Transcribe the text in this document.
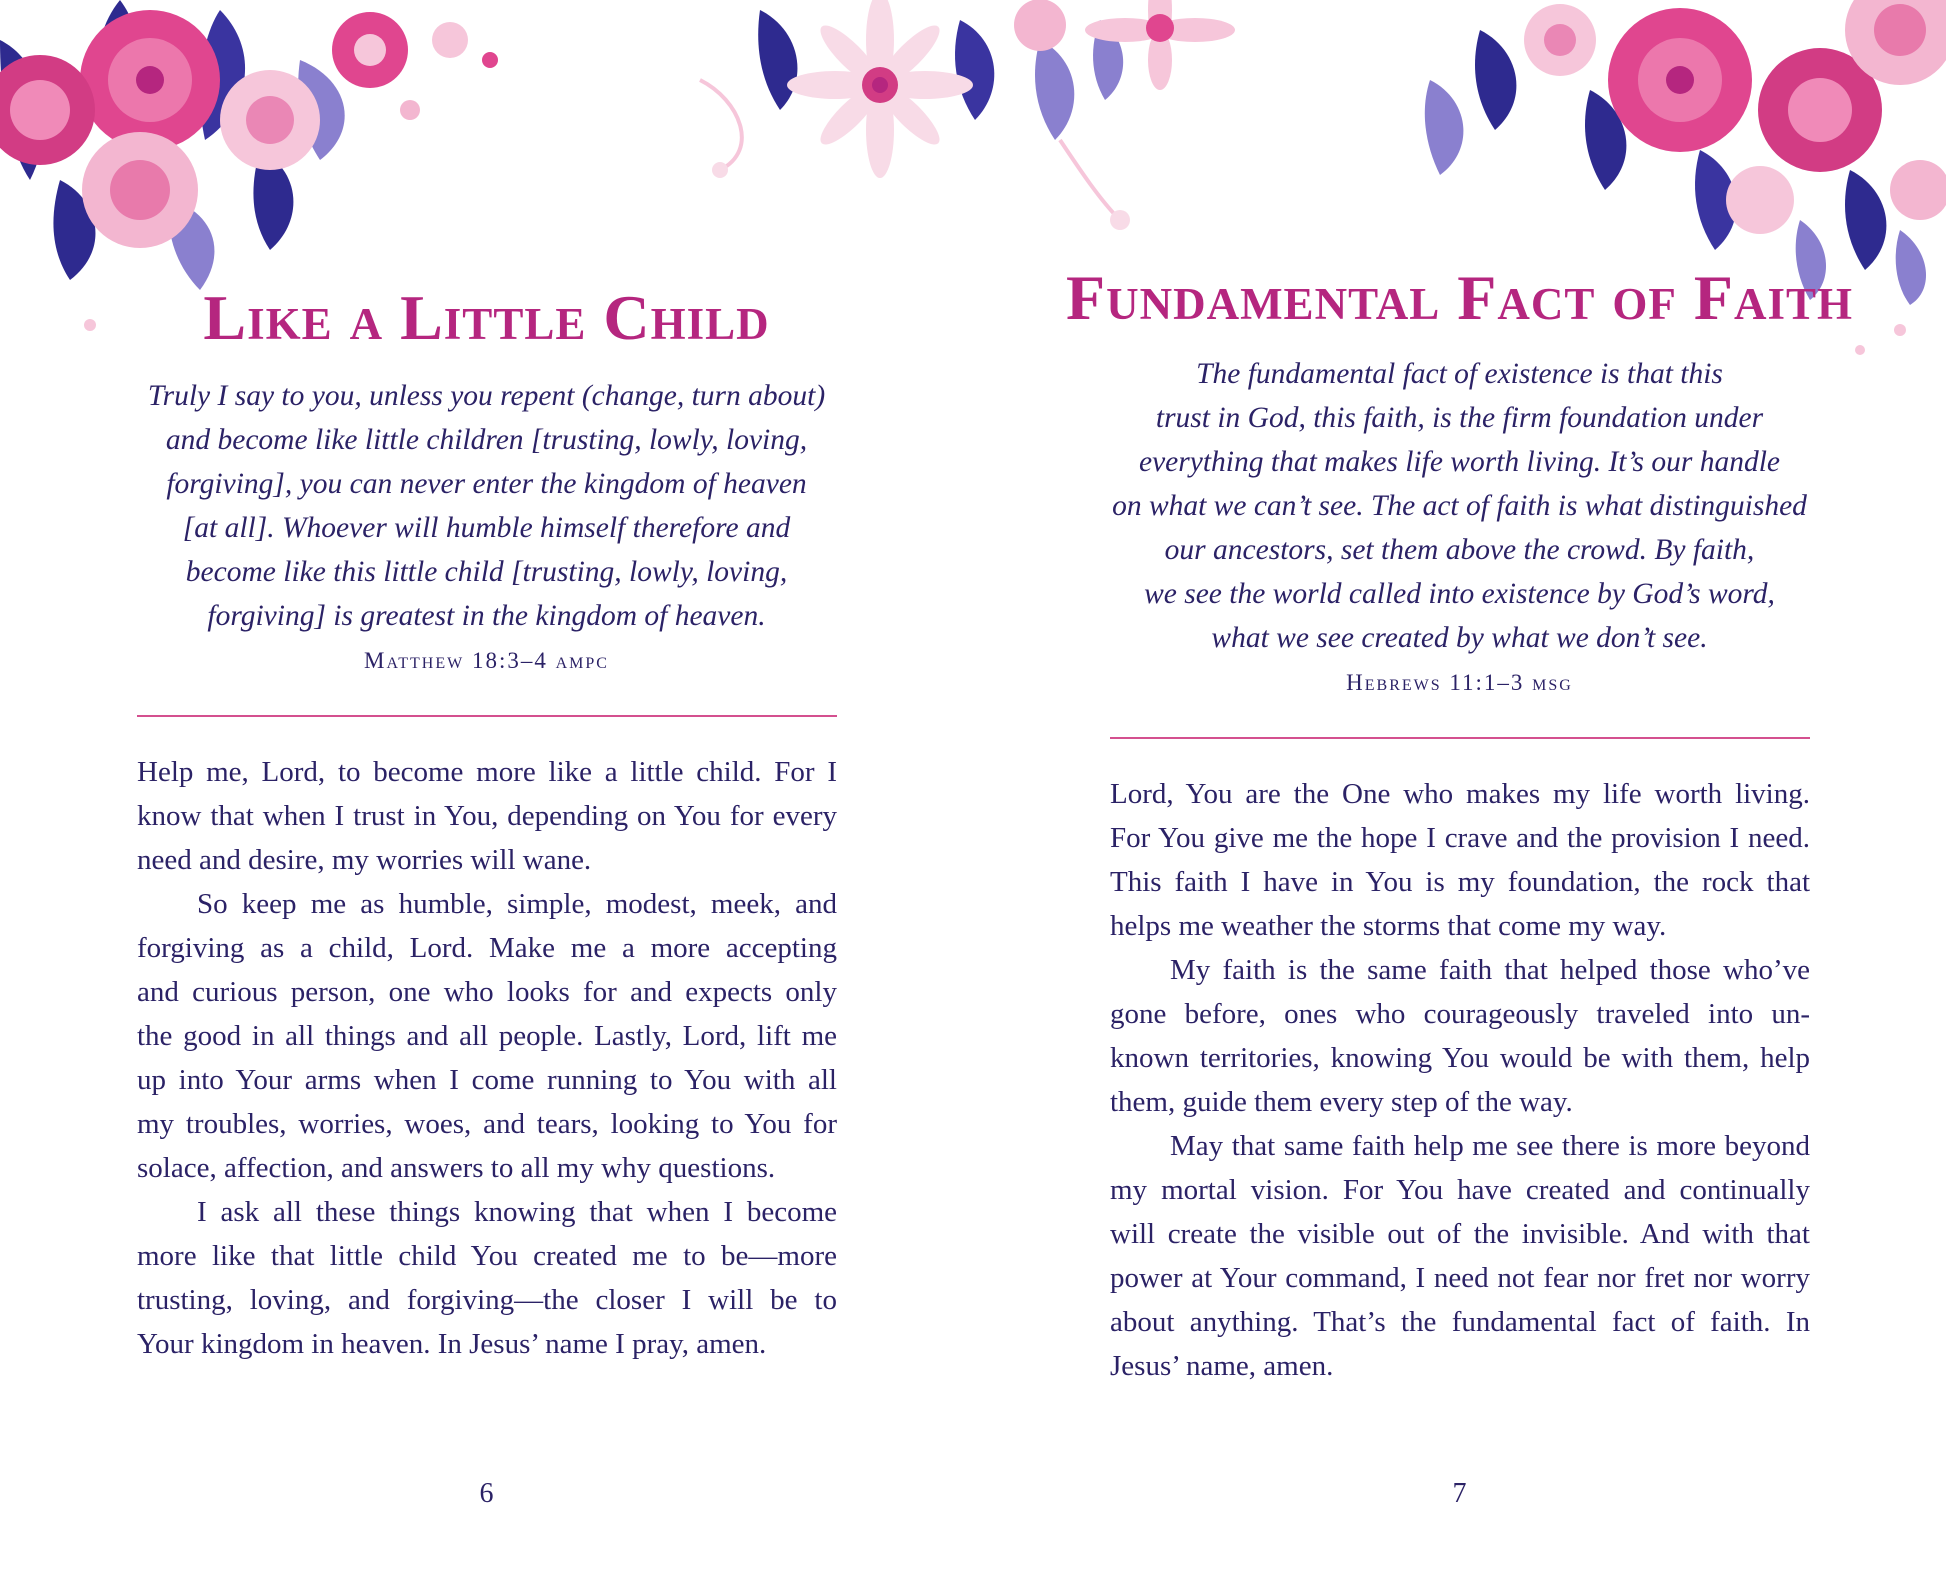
Like a Little Child
Truly I say to you, unless you repent (change, turn about)
and become like little children [trusting, lowly, loving,
forgiving], you can never enter the kingdom of heaven
[at all]. Whoever will humble himself therefore and
become like this little child [trusting, lowly, loving,
forgiving] is greatest in the kingdom of heaven.
Matthew 18:3–4 ampc
Help me, Lord, to become more like a little child. For I
know that when I trust in You, depending on You for every
need and desire, my worries will wane.
So keep me as humble, simple, modest, meek, and
forgiving as a child, Lord. Make me a more accepting
and curious person, one who looks for and expects only
the good in all things and all people. Lastly, Lord, lift me
up into Your arms when I come running to You with all
my troubles, worries, woes, and tears, looking to You for
solace, affection, and answers to all my why questions.
I ask all these things knowing that when I become
more like that little child You created me to be—more
trusting, loving, and forgiving—the closer I will be to
Your kingdom in heaven. In Jesus’ name I pray, amen.
6
Fundamental Fact of Faith
The fundamental fact of existence is that this
trust in God, this faith, is the firm foundation under
everything that makes life worth living. It’s our handle
on what we can’t see. The act of faith is what distinguished
our ancestors, set them above the crowd. By faith,
we see the world called into existence by God’s word,
what we see created by what we don’t see.
Hebrews 11:1–3 msg
Lord, You are the One who makes my life worth living.
For You give me the hope I crave and the provision I need.
This faith I have in You is my foundation, the rock that
helps me weather the storms that come my way.
My faith is the same faith that helped those who’ve
gone before, ones who courageously traveled into un-
known territories, knowing You would be with them, help
them, guide them every step of the way.
May that same faith help me see there is more beyond
my mortal vision. For You have created and continually
will create the visible out of the invisible. And with that
power at Your command, I need not fear nor fret nor worry
about anything. That’s the fundamental fact of faith. In
Jesus’ name, amen.
7
